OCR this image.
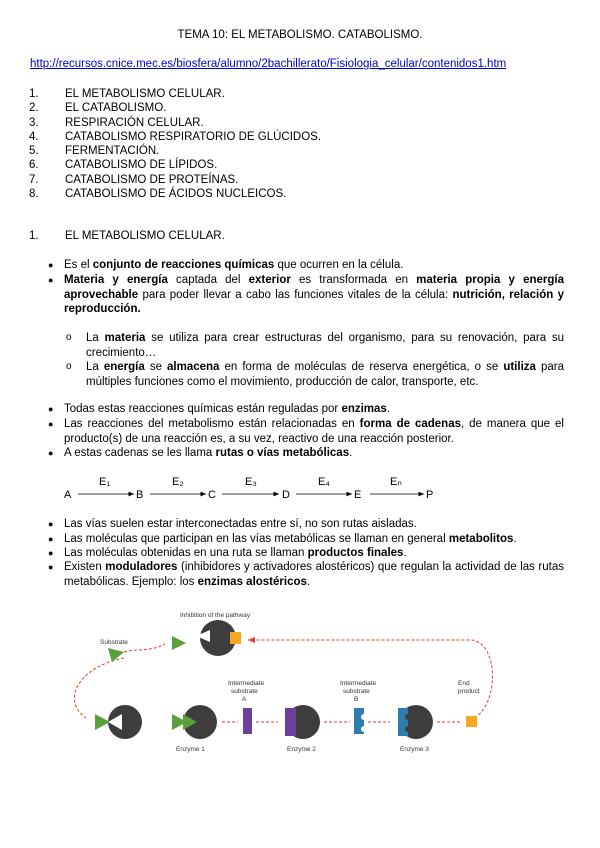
TEMA 10: EL METABOLISMO. CATABOLISMO.
http://recursos.cnice.mec.es/biosfera/alumno/2bachillerato/Fisiologia_celular/contenidos1.htm
1. EL METABOLISMO CELULAR.
2. EL CATABOLISMO.
3. RESPIRACIÓN CELULAR.
4. CATABOLISMO RESPIRATORIO DE GLÚCIDOS.
5. FERMENTACIÓN.
6. CATABOLISMO DE LÍPIDOS.
7. CATABOLISMO DE PROTEÍNAS.
8. CATABOLISMO DE ÁCIDOS NUCLEICOS.
1. EL METABOLISMO CELULAR.
● Es el conjunto de reacciones químicas que ocurren en la célula.
● Materia y energía captada del exterior es transformada en materia propia y energía aprovechable para poder llevar a cabo las funciones vitales de la célula: nutrición, relación y reproducción.
o La materia se utiliza para crear estructuras del organismo, para su renovación, para su crecimiento…
o La energía se almacena en forma de moléculas de reserva energética, o se utiliza para múltiples funciones como el movimiento, producción de calor, transporte, etc.
● Todas estas reacciones químicas están reguladas por enzimas.
● Las reacciones del metabolismo están relacionadas en forma de cadenas, de manera que el producto(s) de una reacción es, a su vez, reactivo de una reacción posterior.
● A estas cadenas se les llama rutas o vías metabólicas.
A
E₁
B
E₂
C
E₃
D
E₄
E
Eₙ
P
● Las vías suelen estar interconectadas entre sí, no son rutas aisladas.
● Las moléculas que participan en las vías metabólicas se llaman en general metabolitos.
● Las moléculas obtenidas en una ruta se llaman productos finales.
● Existen moduladores (inhibidores y activadores alostéricos) que regulan la actividad de las rutas metabólicas. Ejemplo: los enzimas alostéricos.
Inhibition of the pathway
Substrate
Enzyme 1
Intermediate
substrate
A
Enzyme 2
Intermediate
substrate
B
Enzyme 3
End
product
